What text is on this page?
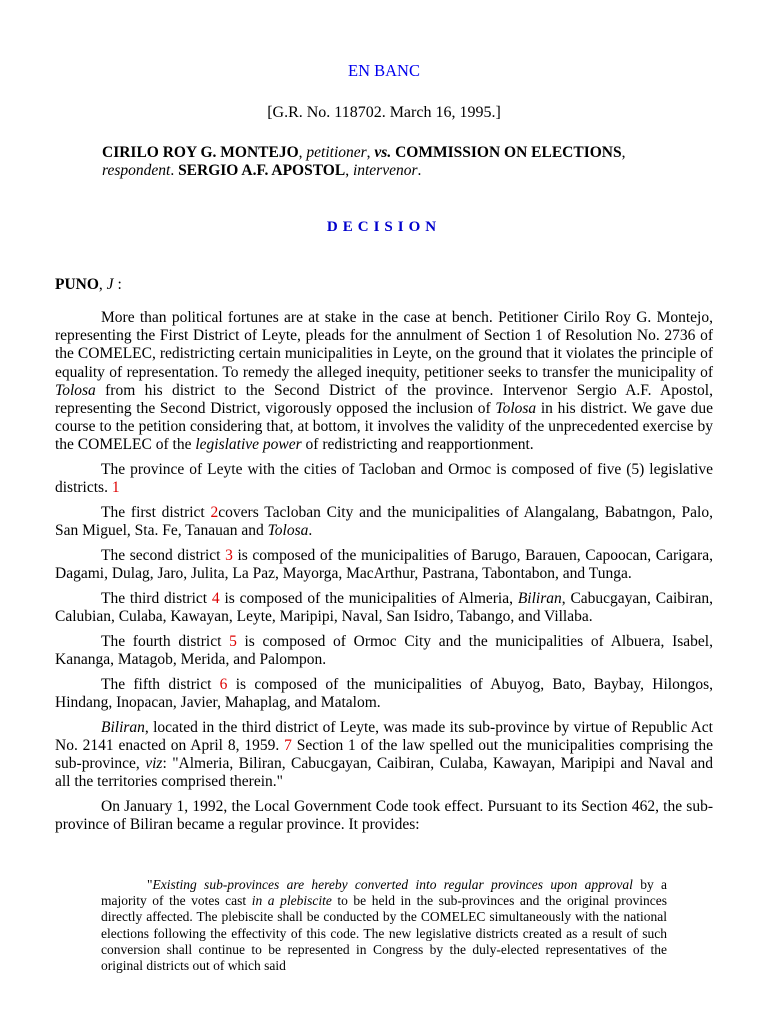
EN BANC
[G.R. No. 118702. March 16, 1995.]
CIRILO ROY G. MONTEJO, petitioner, vs. COMMISSION ON ELECTIONS, respondent. SERGIO A.F. APOSTOL, intervenor.
DECISION
PUNO, J :

More than political fortunes are at stake in the case at bench. Petitioner Cirilo Roy G. Montejo, representing the First District of Leyte, pleads for the annulment of Section 1 of Resolution No. 2736 of the COMELEC, redistricting certain municipalities in Leyte, on the ground that it violates the principle of equality of representation. To remedy the alleged inequity, petitioner seeks to transfer the municipality of Tolosa from his district to the Second District of the province. Intervenor Sergio A.F. Apostol, representing the Second District, vigorously opposed the inclusion of Tolosa in his district. We gave due course to the petition considering that, at bottom, it involves the validity of the unprecedented exercise by the COMELEC of the legislative power of redistricting and reapportionment.

The province of Leyte with the cities of Tacloban and Ormoc is composed of five (5) legislative districts. 1

The first district 2covers Tacloban City and the municipalities of Alangalang, Babatngon, Palo, San Miguel, Sta. Fe, Tanauan and Tolosa.

The second district 3 is composed of the municipalities of Barugo, Barauen, Capoocan, Carigara, Dagami, Dulag, Jaro, Julita, La Paz, Mayorga, MacArthur, Pastrana, Tabontabon, and Tunga.

The third district 4 is composed of the municipalities of Almeria, Biliran, Cabucgayan, Caibiran, Calubian, Culaba, Kawayan, Leyte, Maripipi, Naval, San Isidro, Tabango, and Villaba.

The fourth district 5 is composed of Ormoc City and the municipalities of Albuera, Isabel, Kananga, Matagob, Merida, and Palompon.

The fifth district 6 is composed of the municipalities of Abuyog, Bato, Baybay, Hilongos, Hindang, Inopacan, Javier, Mahaplag, and Matalom.

Biliran, located in the third district of Leyte, was made its sub-province by virtue of Republic Act No. 2141 enacted on April 8, 1959. 7 Section 1 of the law spelled out the municipalities comprising the sub-province, viz: "Almeria, Biliran, Cabucgayan, Caibiran, Culaba, Kawayan, Maripipi and Naval and all the territories comprised therein."

On January 1, 1992, the Local Government Code took effect. Pursuant to its Section 462, the sub-province of Biliran became a regular province. It provides:

"Existing sub-provinces are hereby converted into regular provinces upon approval by a majority of the votes cast in a plebiscite to be held in the sub-provinces and the original provinces directly affected. The plebiscite shall be conducted by the COMELEC simultaneously with the national elections following the effectivity of this code. The new legislative districts created as a result of such conversion shall continue to be represented in Congress by the duly-elected representatives of the original districts out of which said
